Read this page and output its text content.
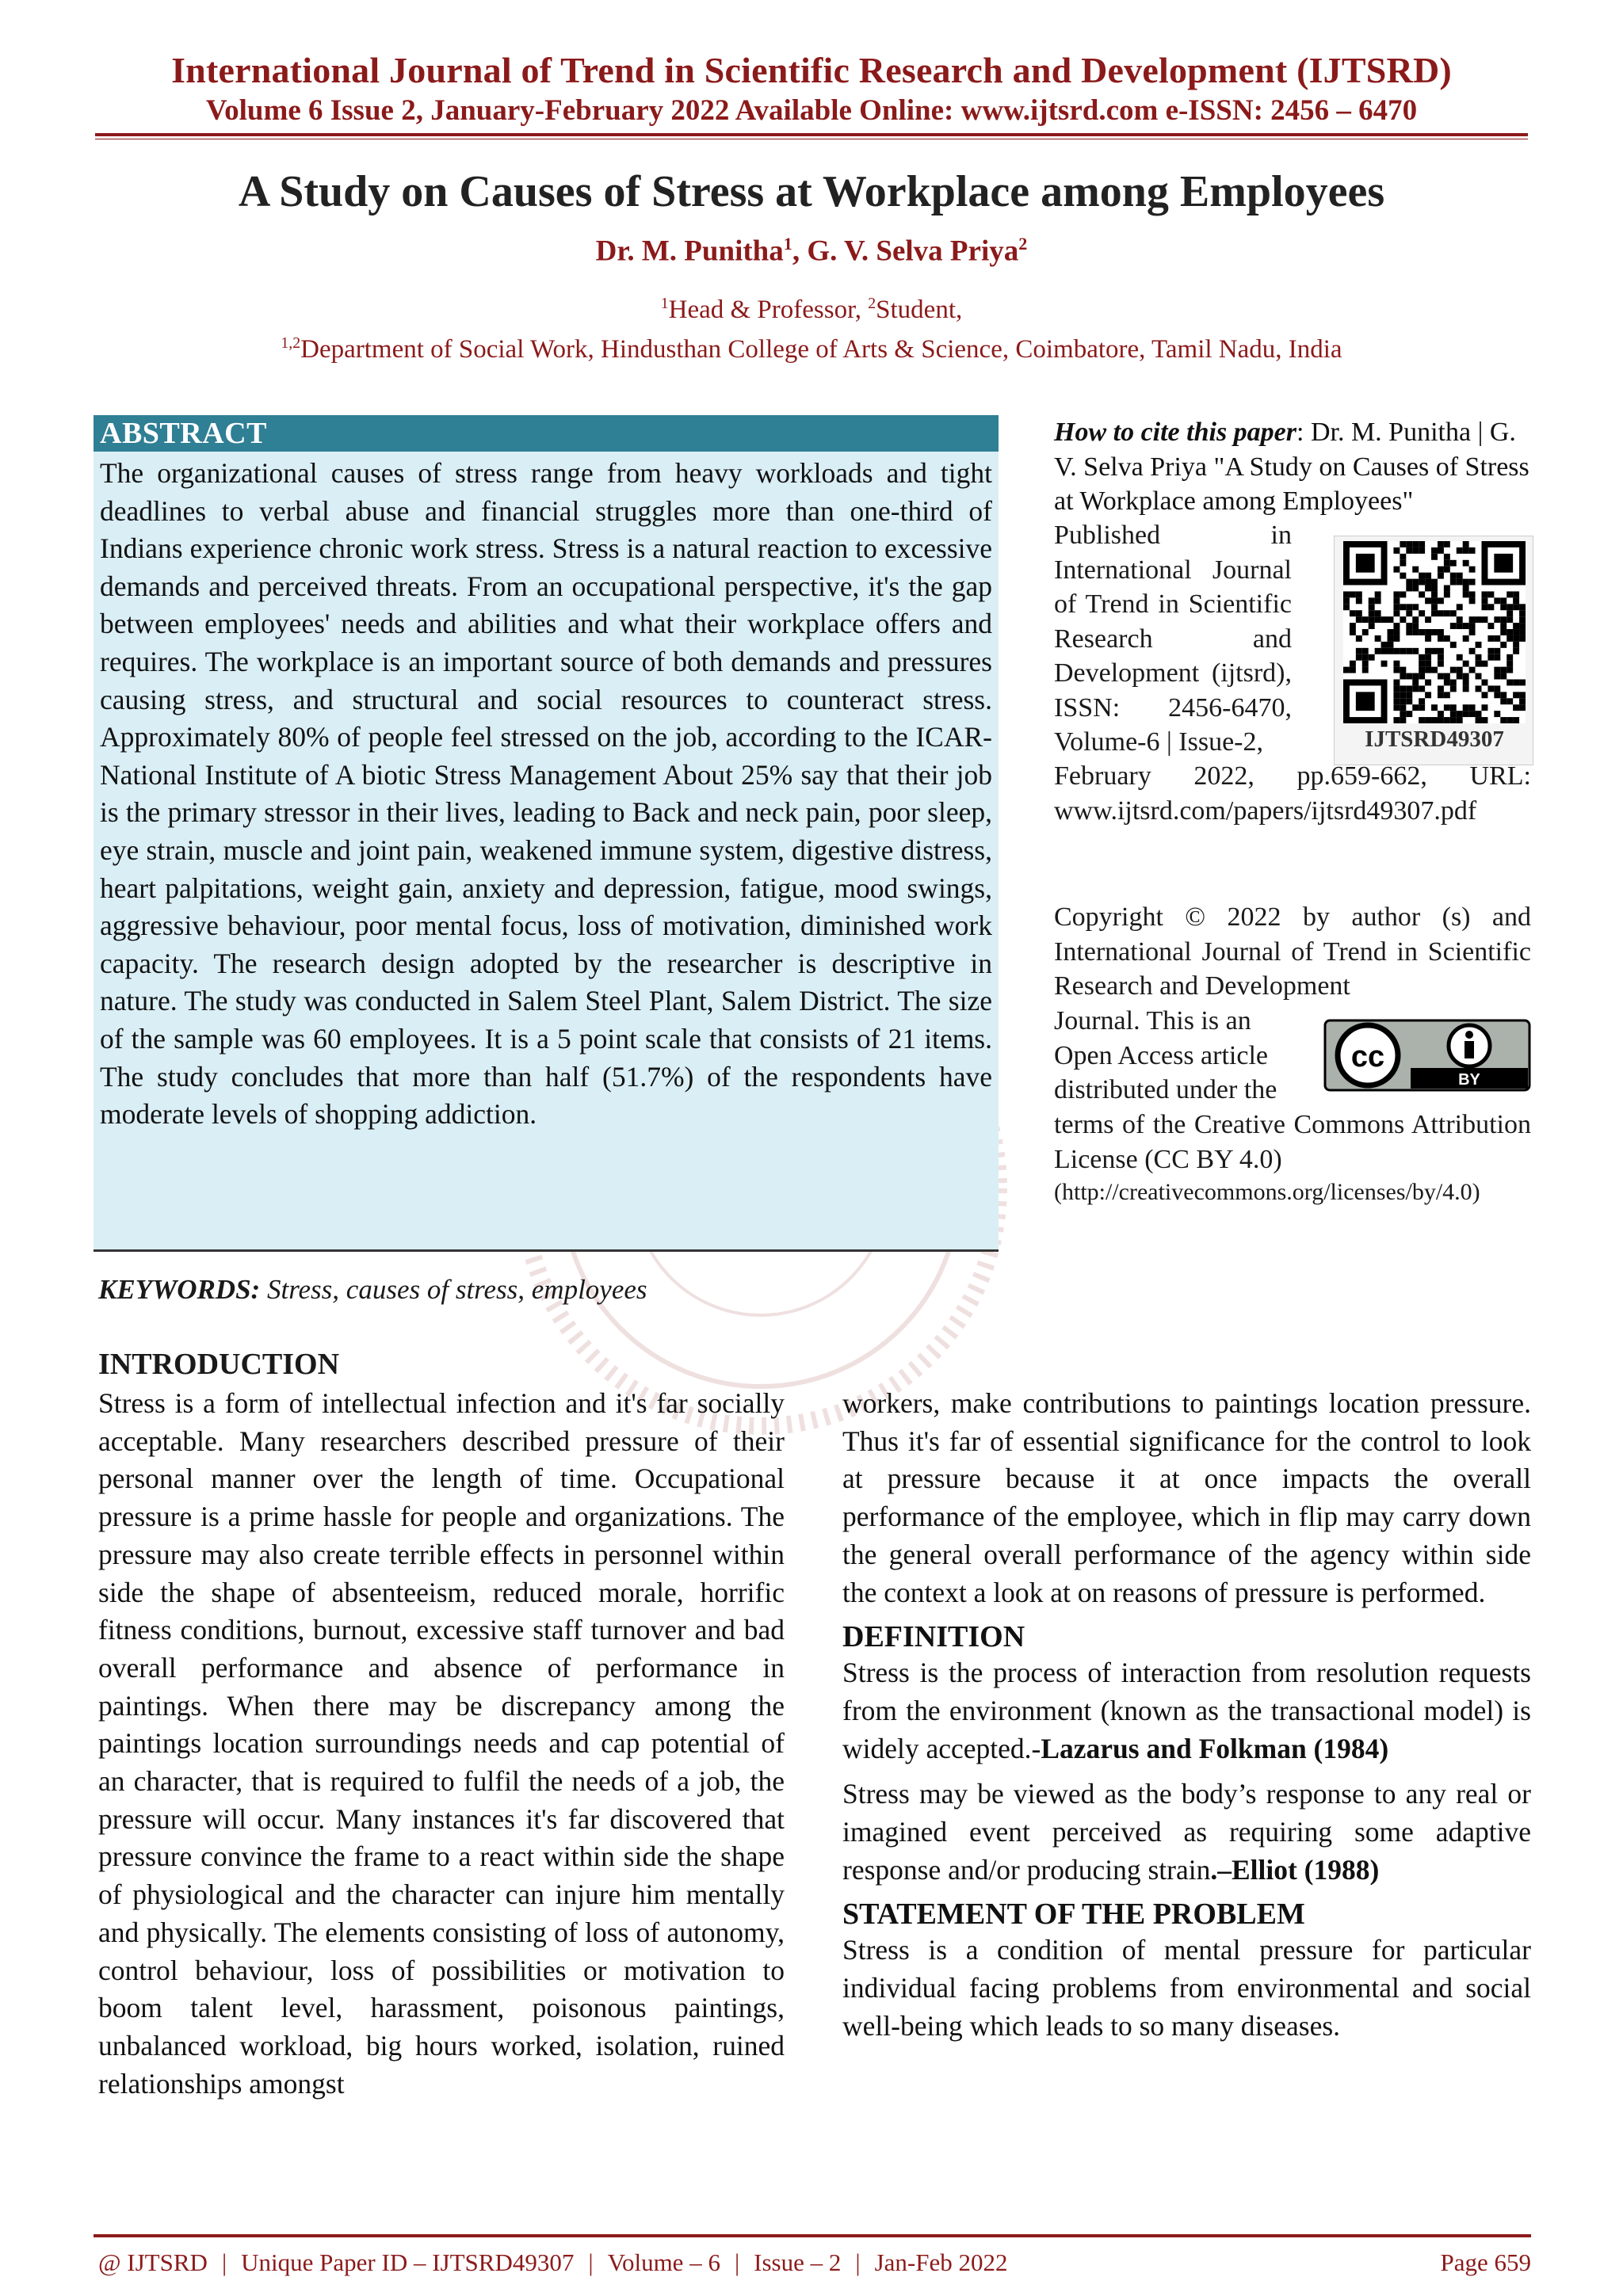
International Journal of Trend in Scientific Research and Development (IJTSRD)
Volume 6 Issue 2, January-February 2022 Available Online: www.ijtsrd.com e-ISSN: 2456 – 6470
A Study on Causes of Stress at Workplace among Employees
Dr. M. Punitha$^1$, G. V. Selva Priya$^2$
$^1$Head & Professor, $^2$Student,
$^{1,2}$Department of Social Work, Hindusthan College of Arts & Science, Coimbatore, Tamil Nadu, India
ABSTRACT
The organizational causes of stress range from heavy workloads and tight deadlines to verbal abuse and financial struggles more than one-third of Indians experience chronic work stress. Stress is a natural reaction to excessive demands and perceived threats. From an occupational perspective, it's the gap between employees' needs and abilities and what their workplace offers and requires. The workplace is an important source of both demands and pressures causing stress, and structural and social resources to counteract stress. Approximately 80% of people feel stressed on the job, according to the ICAR-National Institute of A biotic Stress Management About 25% say that their job is the primary stressor in their lives, leading to Back and neck pain, poor sleep, eye strain, muscle and joint pain, weakened immune system, digestive distress, heart palpitations, weight gain, anxiety and depression, fatigue, mood swings, aggressive behaviour, poor mental focus, loss of motivation, diminished work capacity. The research design adopted by the researcher is descriptive in nature. The study was conducted in Salem Steel Plant, Salem District. The size of the sample was 60 employees. It is a 5 point scale that consists of 21 items. The study concludes that more than half (51.7%) of the respondents have moderate levels of shopping addiction.
KEYWORDS: Stress, causes of stress, employees
How to cite this paper: Dr. M. Punitha | G. V. Selva Priya "A Study on Causes of Stress at Workplace among Employees"
Published in International Journal of Trend in Scientific Research and Development (ijtsrd), ISSN: 2456-6470, Volume-6 | Issue-2,	IJTSRD49307
February 2022, pp.659-662, URL: www.ijtsrd.com/papers/ijtsrd49307.pdf
Copyright © 2022 by author (s) and International Journal of Trend in Scientific Research and Development
Journal. This is an Open Access article distributed under the
cc
BY
terms of the Creative Commons Attribution License (CC BY 4.0)
(http://creativecommons.org/licenses/by/4.0)
INTRODUCTION

Stress is a form of intellectual infection and it's far socially acceptable. Many researchers described pressure of their personal manner over the length of time. Occupational pressure is a prime hassle for people and organizations. The pressure may also create terrible effects in personnel within side the shape of absenteeism, reduced morale, horrific fitness conditions, burnout, excessive staff turnover and bad overall performance and absence of performance in paintings. When there may be discrepancy among the paintings location surroundings needs and cap potential of an character, that is required to fulfil the needs of a job, the pressure will occur. Many instances it's far discovered that pressure convince the frame to a react within side the shape of physiological and the character can injure him mentally and physically. The elements consisting of loss of autonomy, control behaviour, loss of possibilities or motivation to boom talent level, harassment, poisonous paintings, unbalanced workload, big hours worked, isolation, ruined relationships amongst

workers, make contributions to paintings location pressure. Thus it's far of essential significance for the control to look at pressure because it at once impacts the overall performance of the employee, which in flip may carry down the general overall performance of the agency within side the context a look at on reasons of pressure is performed.

DEFINITION

Stress is the process of interaction from resolution requests from the environment (known as the transactional model) is widely accepted.-Lazarus and Folkman (1984)

Stress may be viewed as the body’s response to any real or imagined event perceived as requiring some adaptive response and/or producing strain.–Elliot (1988)

STATEMENT OF THE PROBLEM

Stress is a condition of mental pressure for particular individual facing problems from environmental and social well-being which leads to so many diseases.

@ IJTSRD | Unique Paper ID – IJTSRD49307 | Volume – 6 | Issue – 2 | Jan-Feb 2022	Page 659
